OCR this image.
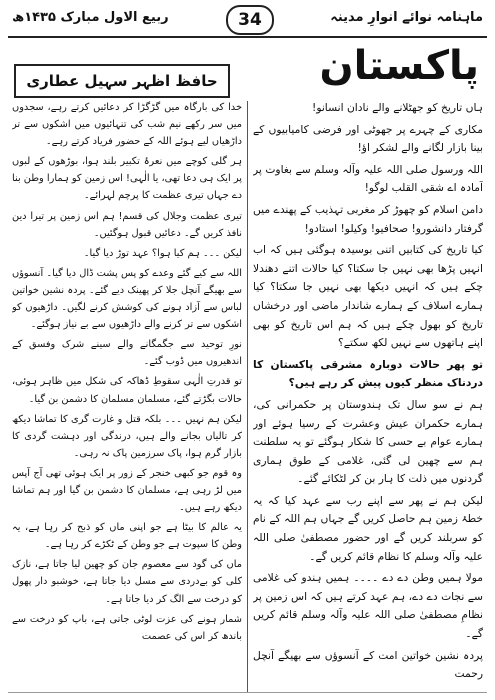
ماہنامہ نوائے انوارِ مدینہ
34
ربیع الاول مبارک ۱۴۳۵ھ
پاکستان
حافظ اظہر سہیل عطاری

ہاں تاریخ کو جھٹلانے والے نادان انسانو!

مکاری کے چہرے پر جھوٹی اور فرضی کامیابیوں کے بینا بازار لگانے والے لشکر اؤ!

اللہ ورسول صلی اللہ علیہ وآلہ وسلم سے بغاوت پر آمادہ اے شقی القلب لوگو!

دامن اسلام کو چھوڑ کر مغربی تہذیب کے پھندے میں گرفتار دانشورو! صحافیو! وکیلو! استادو!

کیا تاریخ کی کتابیں اتنی بوسیدہ ہوگئی ہیں کہ اب انہیں پڑھا بھی نہیں جا سکتا؟ کیا حالات اتنے دھندلا چکے ہیں کہ انہیں دیکھا بھی نہیں جا سکتا؟ کیا ہمارے اسلاف کے ہمارے شاندار ماضی اور درخشاں تاریخ کو بھول چکے ہیں کہ ہم اس تاریخ کو بھی اپنے ہاتھوں سے نہیں لکھ سکتے؟

تو پھر حالات دوبارہ مشرقی پاکستان کا دردناک منظر کیوں پیش کر رہے ہیں؟

ہم نے سو سال تک ہندوستان پر حکمرانی کی، ہمارے حکمران عیش وعشرت کے رسیا ہوئے اور ہمارے عوام بے حسی کا شکار ہوگئے تو یہ سلطنت ہم سے چھین لی گئی، غلامی کے طوق ہماری گردنوں میں ذلت کا ہار بن کر لٹکائے گئے۔

لیکن ہم نے پھر سے اپنے رب سے عہد کیا کہ یہ خطۂ زمین ہم حاصل کریں گے جہاں ہم اللہ کے نام کو سربلند کریں گے اور حضور مصطفیٰ صلی اللہ علیہ وآلہ وسلم کا نظام قائم کریں گے۔

مولا ہمیں وطن دے دے ۔۔۔۔ ہمیں ہندو کی غلامی سے نجات دے دے، ہم عہد کرتے ہیں کہ اس زمین پر نظامِ مصطفیٰ صلی اللہ علیہ وآلہ وسلم قائم کریں گے۔

پردہ نشین خواتین امت کے آنسوؤں سے بھیگے آنچل رحمت

خدا کی بارگاہ میں گڑگڑا کر دعائیں کرتے رہے، سجدوں میں سر رکھے نیم شب کی تنہائیوں میں اشکوں سے تر داڑھیاں لیے ہوئے اللہ کے حضور فریاد کرتے رہے۔

ہر گلی کوچے میں نعرۂ تکبیر بلند ہوا، بوڑھوں کے لبوں پر ایک ہی دعا تھی، یا الٰہی! اس زمین کو ہمارا وطن بنا دے جہاں تیری عظمت کا پرچم لہرائے۔

تیری عظمت وجلال کی قسم! ہم اس زمین پر تیرا دین نافذ کریں گے۔ دعائیں قبول ہوگئیں۔

لیکن ۔۔۔ ہم کیا ہوا؟ عہد توڑ دیا گیا۔

اللہ سے کیے گئے وعدے کو پس پشت ڈال دیا گیا۔ آنسوؤں سے بھیگے آنچل جلا کر پھینک دیے گئے۔ پردہ نشین خواتین لباس سے آزاد ہونے کی کوشش کرنے لگیں۔ داڑھیوں کو اشکوں سے تر کرنے والے داڑھیوں سے بے نیاز ہوگئے۔

نورِ توحید سے جگمگانے والے سینے شرک وفسق کے اندھیروں میں ڈوب گئے۔

تو قدرتِ الٰہی سقوطِ ڈھاکہ کی شکل میں ظاہر ہوئی، حالات بگڑتے گئے، مسلمان مسلمان کا دشمن بن گیا۔

لیکن ہم نہیں ۔۔۔ بلکہ قتل و غارت گری کا تماشا دیکھ کر تالیاں بجانے والے ہیں، درندگی اور دہشت گردی کا بازار گرم ہوا، پاک سرزمین پاک نہ رہی۔

وہ قوم جو کبھی خنجر کے زور پر ایک ہوئی تھی آج آپس میں لڑ رہی ہے، مسلمان کا دشمن بن گیا اور ہم تماشا دیکھ رہے ہیں۔

یہ عالم کا بیٹا ہے جو اپنی ماں کو ذبح کر رہا ہے، یہ وطن کا سپوت ہے جو وطن کے ٹکڑے کر رہا ہے۔

ماں کی گود سے معصوم جان کو چھین لیا جاتا ہے، نازک کلی کو بےدردی سے مسل دیا جاتا ہے، خوشبو دار پھول کو درخت سے الگ کر دیا جاتا ہے۔

شمار ہونے کی عزت لوٹی جاتی ہے، باپ کو درخت سے باندھ کر اس کی عصمت
